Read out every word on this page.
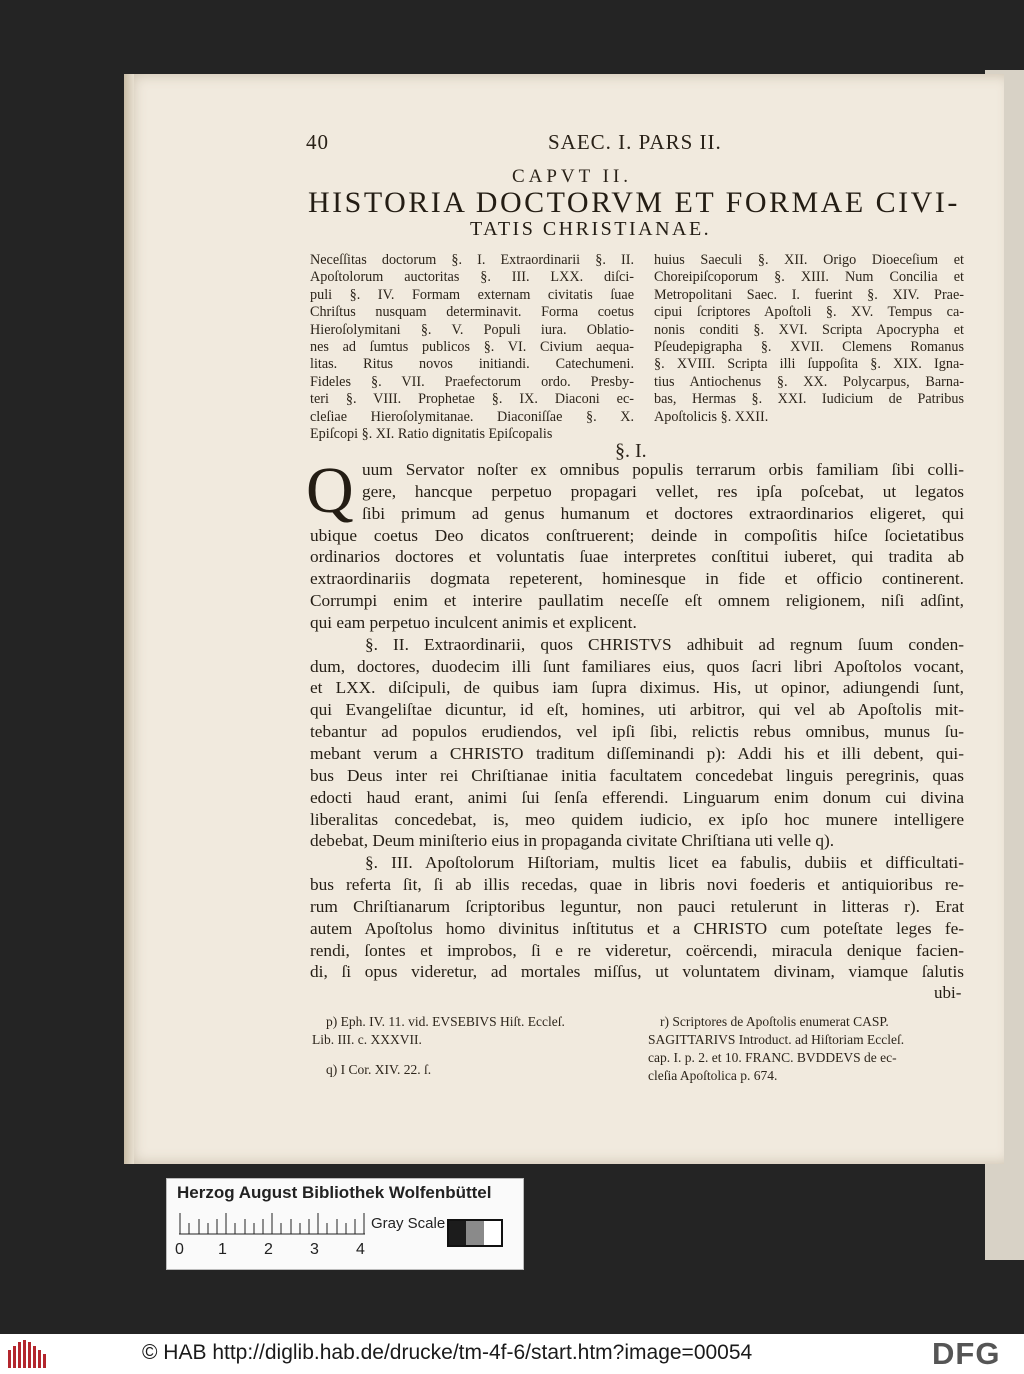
40	SAEC. I. PARS II.
CAPVT II.
HISTORIA DOCTORVM ET FORMAE CIVI-
TATIS CHRISTIANAE.
Neceſſitas doctorum §. I. Extraordinarii §. II.
Apoſtolorum auctoritas §. III. LXX. diſci-
puli §. IV. Formam externam civitatis ſuae
Chriſtus nusquam determinavit. Forma coetus
Hieroſolymitani §. V. Populi iura. Oblatio-
nes ad ſumtus publicos §. VI. Civium aequa-
litas. Ritus novos initiandi. Catechumeni.
Fideles §. VII. Praefectorum ordo. Presby-
teri §. VIII. Prophetae §. IX. Diaconi ec-
cleſiae Hieroſolymitanae. Diaconiſſae §. X.
Epiſcopi §. XI. Ratio dignitatis Epiſcopalis
huius Saeculi §. XII. Origo Dioeceſium et
Choreipiſcoporum §. XIII. Num Concilia et
Metropolitani Saec. I. fuerint §. XIV. Prae-
cipui ſcriptores Apoſtoli §. XV. Tempus ca-
nonis conditi §. XVI. Scripta Apocrypha et
Pſeudepigrapha §. XVII. Clemens Romanus
§. XVIII. Scripta illi ſuppoſita §. XIX. Igna-
tius Antiochenus §. XX. Polycarpus, Barna-
bas, Hermas §. XXI. Iudicium de Patribus
Apoſtolicis §. XXII.
§. I.
Q uum Servator noſter ex omnibus populis terrarum orbis familiam ſibi colli-
gere, hancque perpetuo propagari vellet, res ipſa poſcebat, ut legatos
ſibi primum ad genus humanum et doctores extraordinarios eligeret, qui
ubique coetus Deo dicatos conſtruerent; deinde in compoſitis hiſce ſocietatibus
ordinarios doctores et voluntatis ſuae interpretes conſtitui iuberet, qui tradita ab
extraordinariis dogmata repeterent, hominesque in fide et officio continerent.
Corrumpi enim et interire paullatim neceſſe eſt omnem religionem, niſi adſint,
qui eam perpetuo inculcent animis et explicent.
§. II. Extraordinarii, quos CHRISTVS adhibuit ad regnum ſuum conden-
dum, doctores, duodecim illi ſunt familiares eius, quos ſacri libri Apoſtolos vocant,
et LXX. diſcipuli, de quibus iam ſupra diximus. His, ut opinor, adiungendi ſunt,
qui Evangeliſtae dicuntur, id eſt, homines, uti arbitror, qui vel ab Apoſtolis mit-
tebantur ad populos erudiendos, vel ipſi ſibi, relictis rebus omnibus, munus ſu-
mebant verum a CHRISTO traditum diſſeminandi p): Addi his et illi debent, qui-
bus Deus inter rei Chriſtianae initia facultatem concedebat linguis peregrinis, quas
edocti haud erant, animi ſui ſenſa efferendi. Linguarum enim donum cui divina
liberalitas concedebat, is, meo quidem iudicio, ex ipſo hoc munere intelligere
debebat, Deum miniſterio eius in propaganda civitate Chriſtiana uti velle q).
§. III. Apoſtolorum Hiſtoriam, multis licet ea fabulis, dubiis et difficultati-
bus referta ſit, ſi ab illis recedas, quae in libris novi foederis et antiquioribus re-
rum Chriſtianarum ſcriptoribus leguntur, non pauci retulerunt in litteras r). Erat
autem Apoſtolus homo divinitus inſtitutus et a CHRISTO cum poteſtate leges fe-
rendi, ſontes et improbos, ſi e re videretur, coërcendi, miracula denique facien-
di, ſi opus videretur, ad mortales miſſus, ut voluntatem divinam, viamque ſalutis
ubi-
p) Eph. IV. 11. vid. EVSEBIVS Hiſt. Eccleſ.
Lib. III. c. XXXVII.
q) I Cor. XIV. 22. ſ.
r) Scriptores de Apoſtolis enumerat CASP.
SAGITTARIVS Introduct. ad Hiſtoriam Eccleſ.
cap. I. p. 2. et 10. FRANC. BVDDEVS de ec-
cleſia Apoſtolica p. 674.
Herzog August Bibliothek Wolfenbüttel
Gray Scale
0 1 2 3 4
© HAB http://diglib.hab.de/drucke/tm-4f-6/start.htm?image=00054	DFG
